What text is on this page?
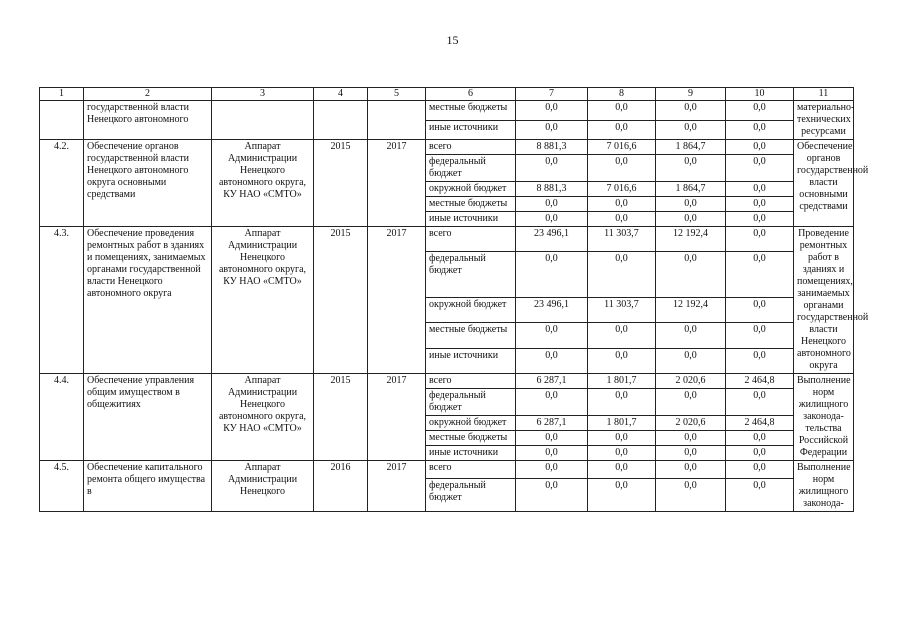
15
1	2	3	4	5	6	7	8	9	10	11
	государственной власти Ненецкого автономного				местные бюджеты	0,0	0,0	0,0	0,0	материально-технических ресурсами
					иные источники	0,0	0,0	0,0	0,0	
4.2.	Обеспечение органов государственной власти Ненецкого автономного округа основными средствами	Аппарат Администрации Ненецкого автономного округа, КУ НАО «СМТО»	2015	2017	всего	8 881,3	7 016,6	1 864,7	0,0	Обеспечение органов государственной власти основными средствами
					федеральный бюджет	0,0	0,0	0,0	0,0	
					окружной бюджет	8 881,3	7 016,6	1 864,7	0,0	
					местные бюджеты	0,0	0,0	0,0	0,0	
					иные источники	0,0	0,0	0,0	0,0	
4.3.	Обеспечение проведения ремонтных работ в зданиях и помещениях, занимаемых органами государственной власти Ненецкого автономного округа	Аппарат Администрации Ненецкого автономного округа, КУ НАО «СМТО»	2015	2017	всего	23 496,1	11 303,7	12 192,4	0,0	Проведение ремонтных работ в зданиях и помещениях, занимаемых органами государственной власти Ненецкого автономного округа
					федеральный бюджет	0,0	0,0	0,0	0,0	
					окружной бюджет	23 496,1	11 303,7	12 192,4	0,0	
					местные бюджеты	0,0	0,0	0,0	0,0	
					иные источники	0,0	0,0	0,0	0,0	
4.4.	Обеспечение управления общим имуществом в общежитиях	Аппарат Администрации Ненецкого автономного округа, КУ НАО «СМТО»	2015	2017	всего	6 287,1	1 801,7	2 020,6	2 464,8	Выполнение норм жилищного законода-тельства Российской Федерации
					федеральный бюджет	0,0	0,0	0,0	0,0	
					окружной бюджет	6 287,1	1 801,7	2 020,6	2 464,8	
					местные бюджеты	0,0	0,0	0,0	0,0	
					иные источники	0,0	0,0	0,0	0,0	
4.5.	Обеспечение капитального ремонта общего имущества в	Аппарат Администрации Ненецкого	2016	2017	всего	0,0	0,0	0,0	0,0	Выполнение норм жилищного законода-
					федеральный бюджет	0,0	0,0	0,0	0,0	
